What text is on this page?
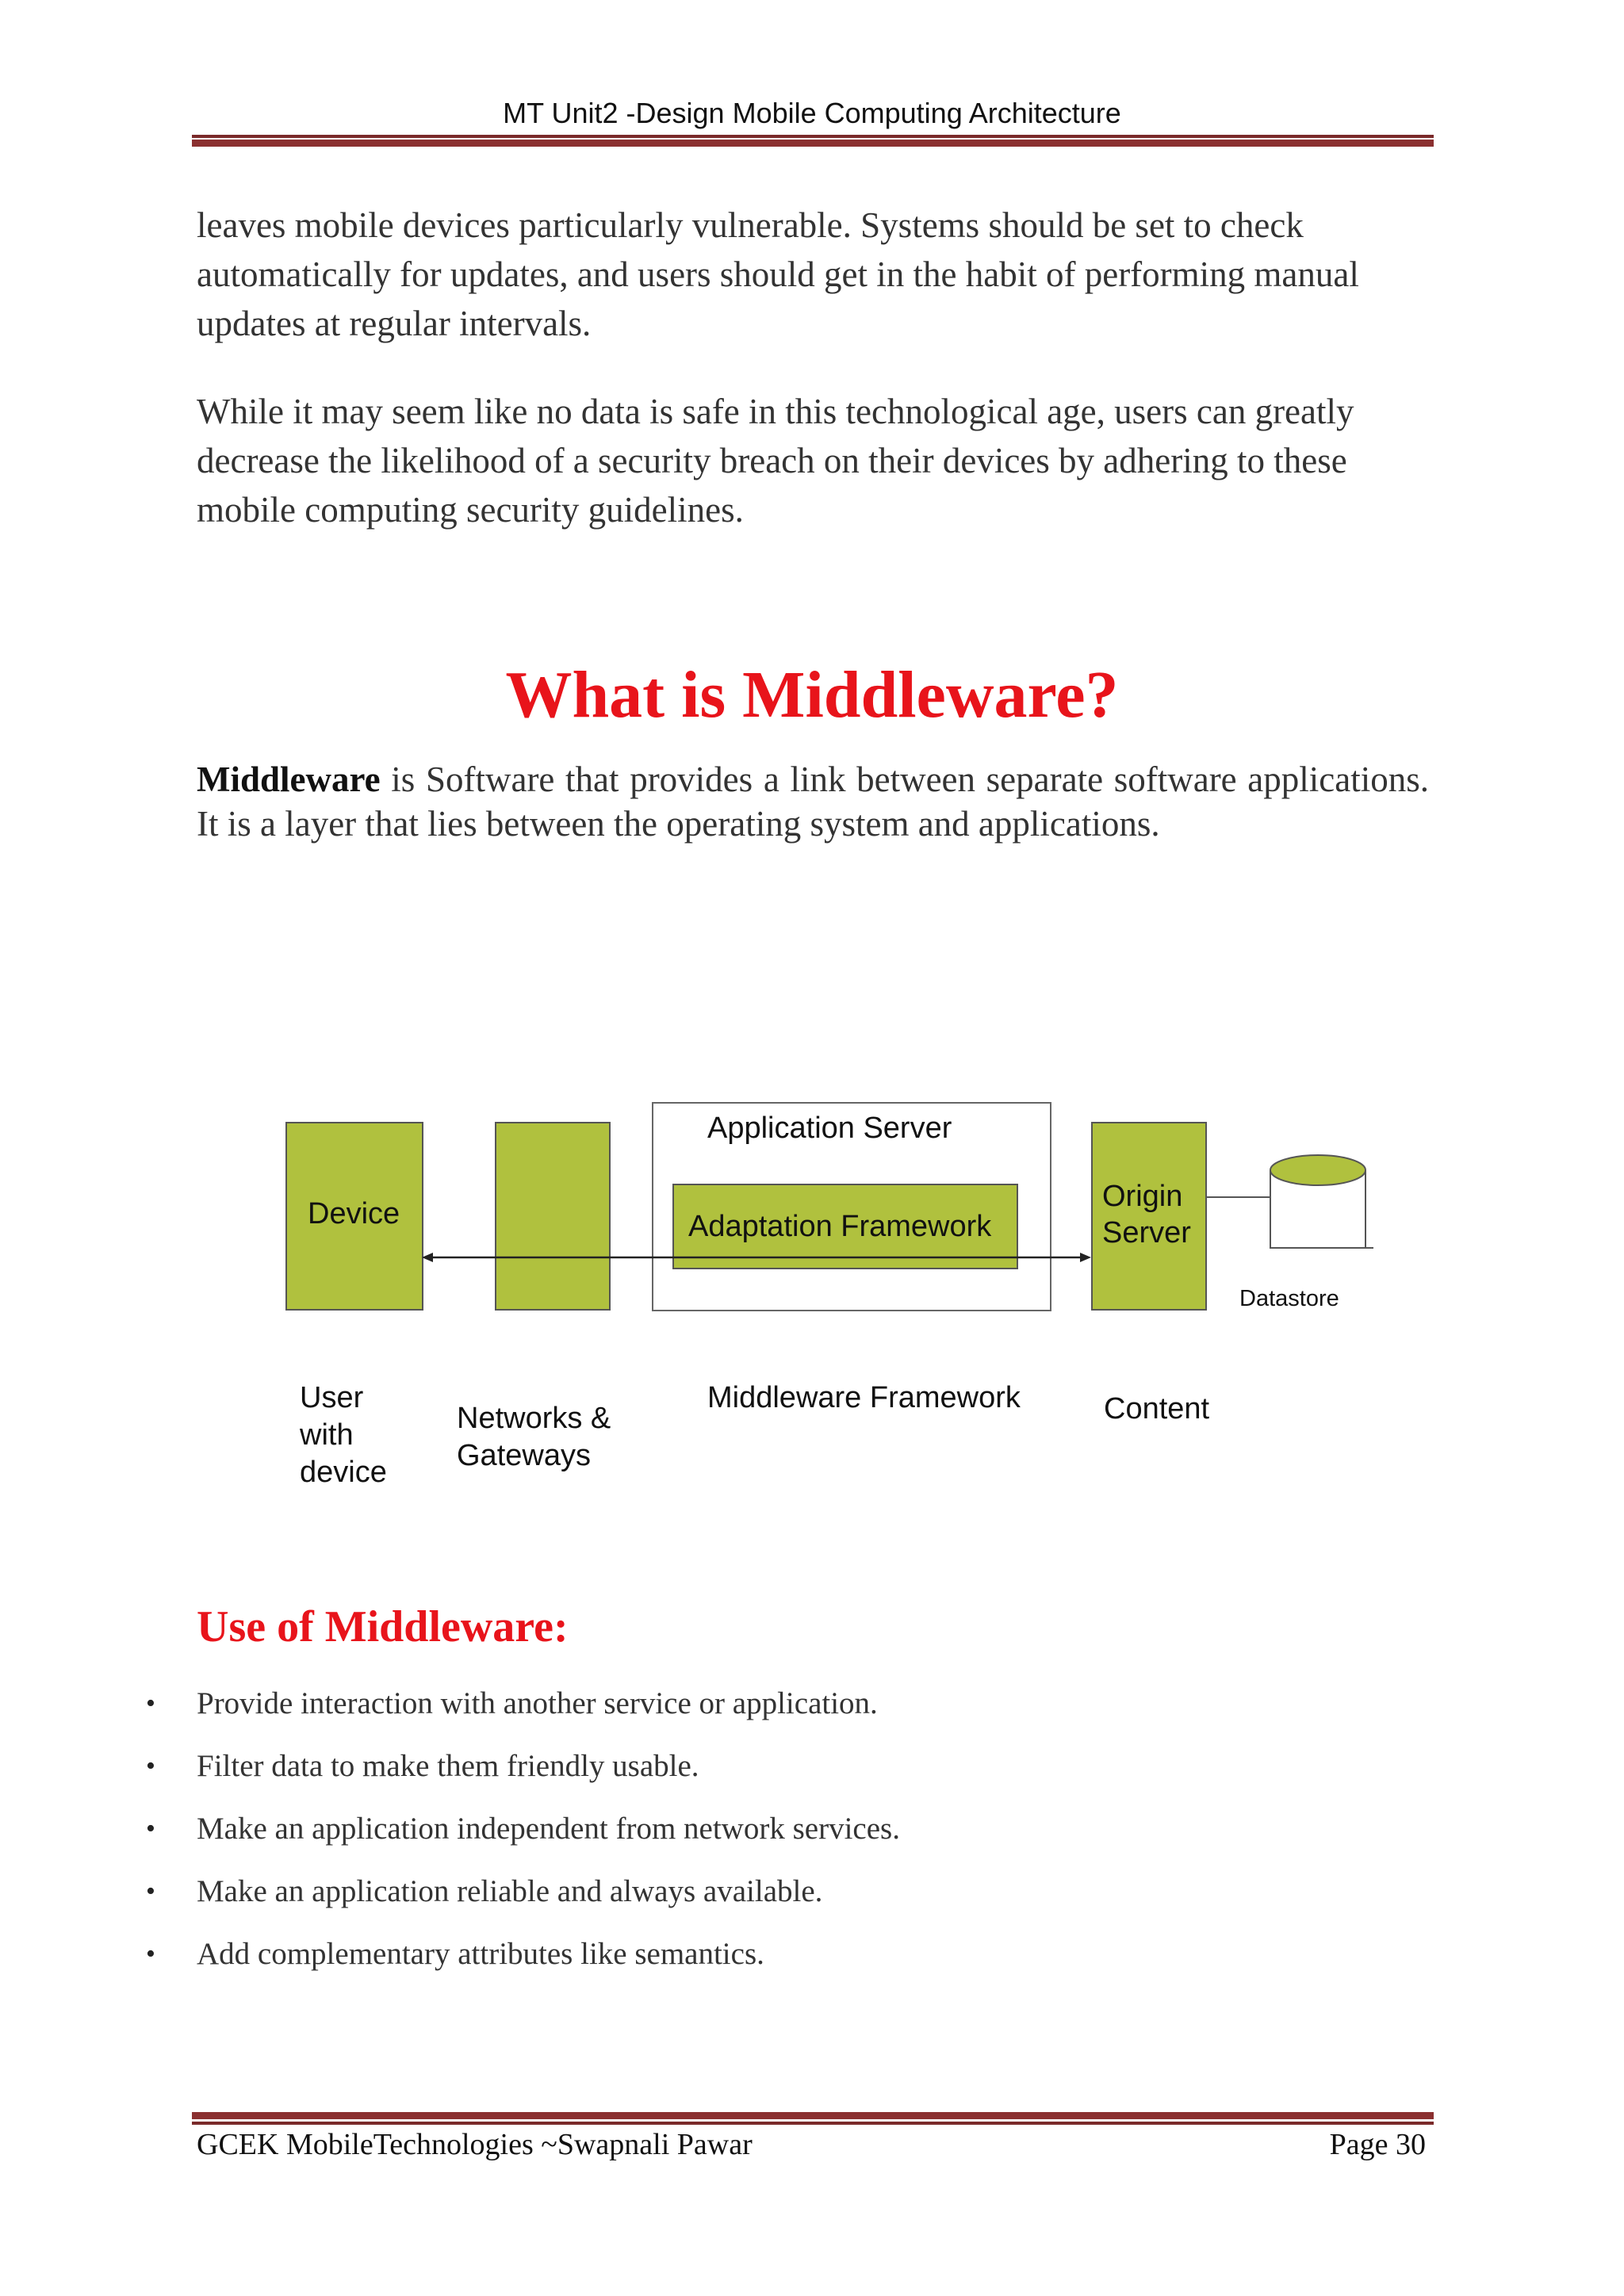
MT Unit2 -Design Mobile Computing Architecture

leaves mobile devices particularly vulnerable. Systems should be set to check automatically for updates, and users should get in the habit of performing manual updates at regular intervals.

While it may seem like no data is safe in this technological age, users can greatly decrease the likelihood of a security breach on their devices by adhering to these mobile computing security guidelines.

What is Middleware?

Middleware is Software that provides a link between separate software applications. It is a layer that lies between the operating system and applications.

Device
Application Server
Adaptation Framework
Origin
Server
Datastore
User
with
device
Networks &
Gateways
Middleware Framework	Content
Use of Middleware:
• Provide interaction with another service or application.
• Filter data to make them friendly usable.
• Make an application independent from network services.
• Make an application reliable and always available.
• Add complementary attributes like semantics.
GCEK MobileTechnologies ~Swapnali Pawar	Page 30
